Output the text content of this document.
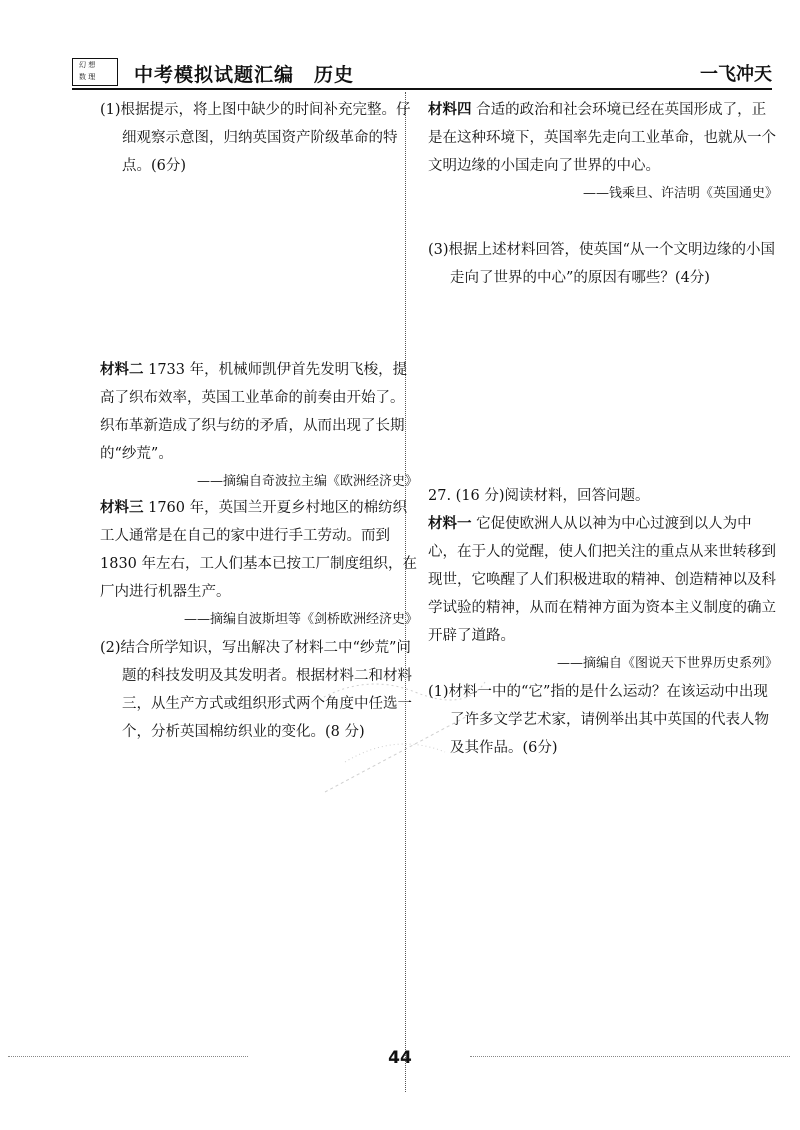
幻 想
数 理 中考模拟试题汇编　历史	一飞冲天

(1)根据提示，将上图中缺少的时间补充完整。仔细观察示意图，归纳英国资产阶级革命的特点。(6分)

材料二 1733 年，机械师凯伊首先发明飞梭，提高了织布效率，英国工业革命的前奏由开始了。织布革新造成了织与纺的矛盾，从而出现了长期的“纱荒”。

——摘编自奇波拉主编《欧洲经济史》

材料三 1760 年，英国兰开夏乡村地区的棉纺织工人通常是在自己的家中进行手工劳动。而到 1830 年左右，工人们基本已按工厂制度组织，在厂内进行机器生产。

——摘编自波斯坦等《剑桥欧洲经济史》

(2)结合所学知识，写出解决了材料二中“纱荒”问题的科技发明及其发明者。根据材料二和材料三，从生产方式或组织形式两个角度中任选一个，分析英国棉纺织业的变化。(8 分)

材料四 合适的政治和社会环境已经在英国形成了，正是在这种环境下，英国率先走向工业革命，也就从一个文明边缘的小国走向了世界的中心。

——钱乘旦、许洁明《英国通史》

(3)根据上述材料回答，使英国“从一个文明边缘的小国走向了世界的中心”的原因有哪些？(4分)

27. (16 分)阅读材料，回答问题。

材料一 它促使欧洲人从以神为中心过渡到以人为中心，在于人的觉醒，使人们把关注的重点从来世转移到现世，它唤醒了人们积极进取的精神、创造精神以及科学试验的精神，从而在精神方面为资本主义制度的确立开辟了道路。

——摘编自《图说天下世界历史系列》

(1)材料一中的“它”指的是什么运动？在该运动中出现了许多文学艺术家，请例举出其中英国的代表人物及其作品。(6分)

44
